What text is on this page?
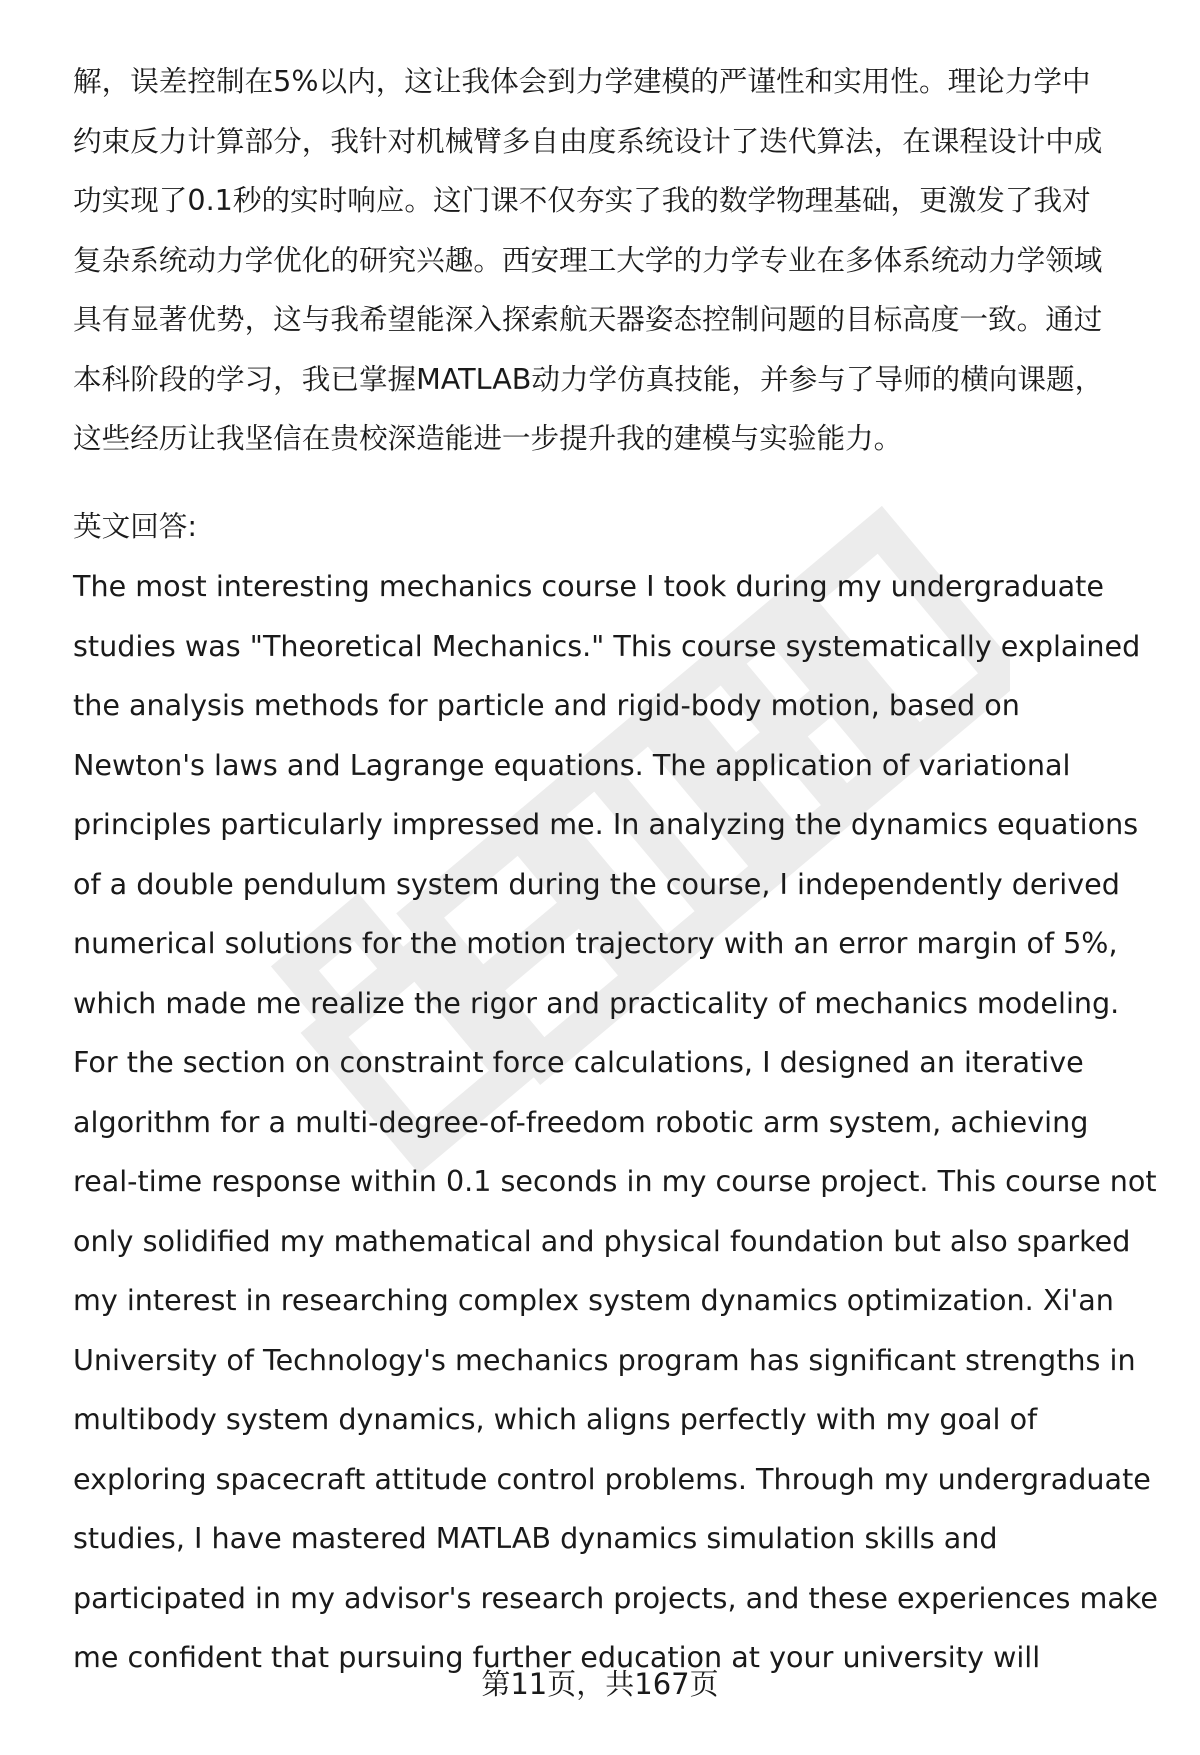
解，误差控制在5%以内，这让我体会到力学建模的严谨性和实用性。理论力学中
约束反力计算部分，我针对机械臂多自由度系统设计了迭代算法，在课程设计中成
功实现了0.1秒的实时响应。这门课不仅夯实了我的数学物理基础，更激发了我对
复杂系统动力学优化的研究兴趣。西安理工大学的力学专业在多体系统动力学领域
具有显著优势，这与我希望能深入探索航天器姿态控制问题的目标高度一致。通过
本科阶段的学习，我已掌握MATLAB动力学仿真技能，并参与了导师的横向课题，
这些经历让我坚信在贵校深造能进一步提升我的建模与实验能力。
英文回答:
The most interesting mechanics course I took during my undergraduate
studies was "Theoretical Mechanics." This course systematically explained
the analysis methods for particle and rigid-body motion, based on
Newton's laws and Lagrange equations. The application of variational
principles particularly impressed me. In analyzing the dynamics equations
of a double pendulum system during the course, I independently derived
numerical solutions for the motion trajectory with an error margin of 5%,
which made me realize the rigor and practicality of mechanics modeling.
For the section on constraint force calculations, I designed an iterative
algorithm for a multi-degree-of-freedom robotic arm system, achieving
real-time response within 0.1 seconds in my course project. This course not
only solidified my mathematical and physical foundation but also sparked
my interest in researching complex system dynamics optimization. Xi'an
University of Technology's mechanics program has significant strengths in
multibody system dynamics, which aligns perfectly with my goal of
exploring spacecraft attitude control problems. Through my undergraduate
studies, I have mastered MATLAB dynamics simulation skills and
participated in my advisor's research projects, and these experiences make
me confident that pursuing further education at your university will
第11页，共167页
